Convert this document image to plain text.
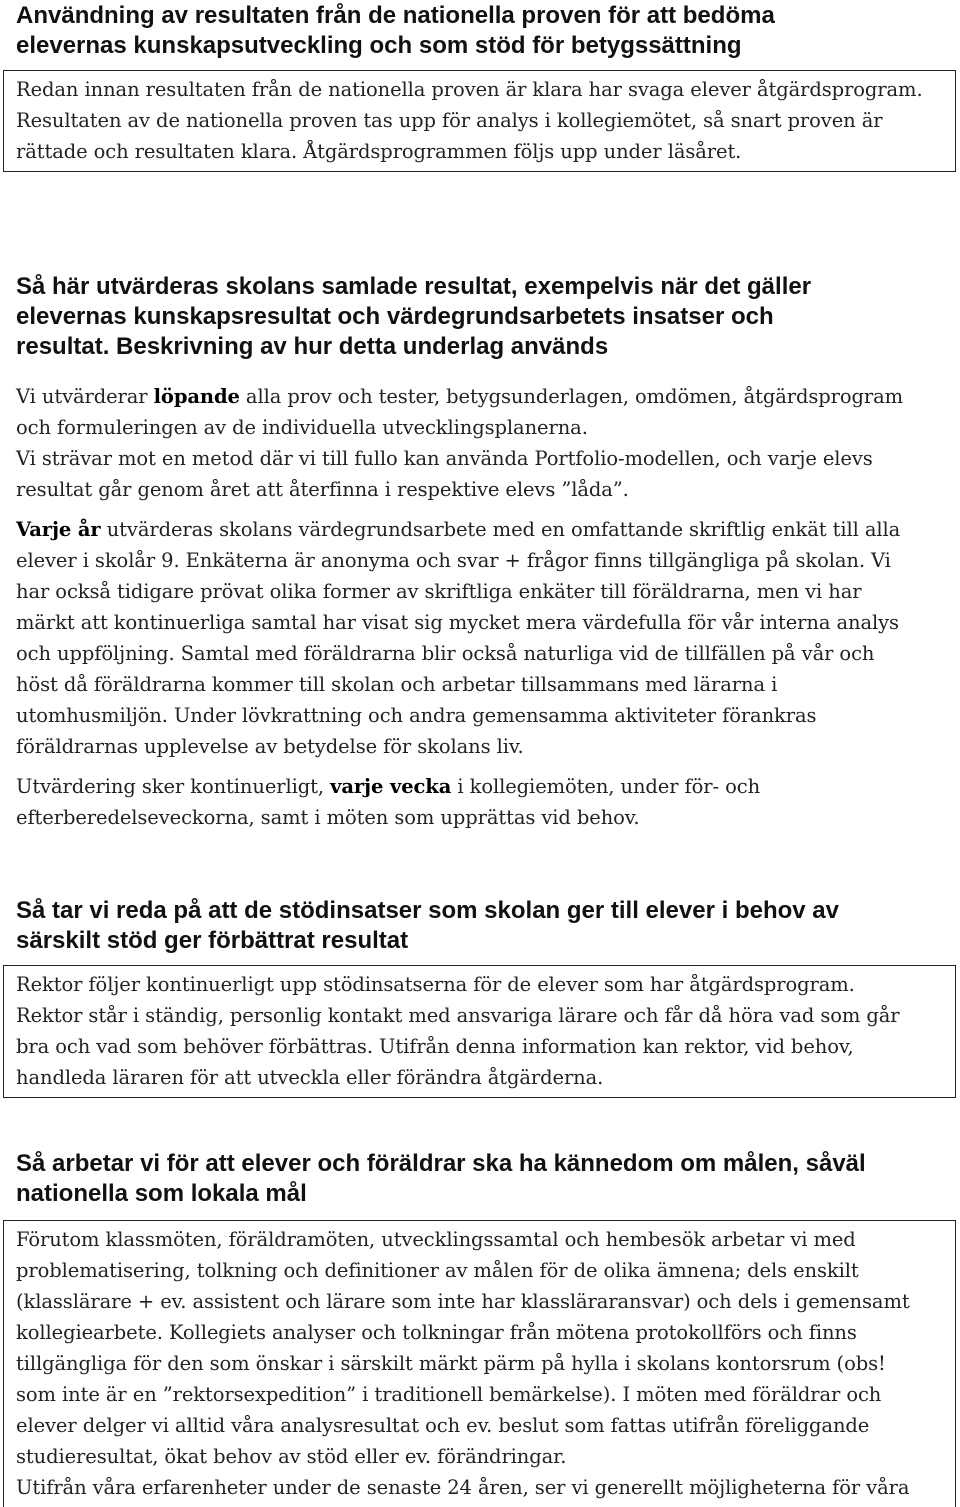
Användning av resultaten från de nationella proven för att bedöma
elevernas kunskapsutveckling och som stöd för betygssättning

Redan innan resultaten från de nationella proven är klara har svaga elever åtgärdsprogram.
Resultaten av de nationella proven tas upp för analys i kollegiemötet, så snart proven är
rättade och resultaten klara. Åtgärdsprogrammen följs upp under läsåret.

Så här utvärderas skolans samlade resultat, exempelvis när det gäller
elevernas kunskapsresultat och värdegrundsarbetets insatser och
resultat. Beskrivning av hur detta underlag används

Vi utvärderar löpande alla prov och tester, betygsunderlagen, omdömen, åtgärdsprogram
och formuleringen av de individuella utvecklingsplanerna.

Vi strävar mot en metod där vi till fullo kan använda Portfolio-modellen, och varje elevs
resultat går genom året att återfinna i respektive elevs ”låda”.

Varje år utvärderas skolans värdegrundsarbete med en omfattande skriftlig enkät till alla
elever i skolår 9. Enkäterna är anonyma och svar + frågor finns tillgängliga på skolan. Vi
har också tidigare prövat olika former av skriftliga enkäter till föräldrarna, men vi har
märkt att kontinuerliga samtal har visat sig mycket mera värdefulla för vår interna analys
och uppföljning. Samtal med föräldrarna blir också naturliga vid de tillfällen på vår och
höst då föräldrarna kommer till skolan och arbetar tillsammans med lärarna i
utomhusmiljön. Under lövkrattning och andra gemensamma aktiviteter förankras
föräldrarnas upplevelse av betydelse för skolans liv.

Utvärdering sker kontinuerligt, varje vecka i kollegiemöten, under för- och
efterberedelseveckorna, samt i möten som upprättas vid behov.

Så tar vi reda på att de stödinsatser som skolan ger till elever i behov av
särskilt stöd ger förbättrat resultat

Rektor följer kontinuerligt upp stödinsatserna för de elever som har åtgärdsprogram.
Rektor står i ständig, personlig kontakt med ansvariga lärare och får då höra vad som går
bra och vad som behöver förbättras. Utifrån denna information kan rektor, vid behov,
handleda läraren för att utveckla eller förändra åtgärderna.

Så arbetar vi för att elever och föräldrar ska ha kännedom om målen, såväl
nationella som lokala mål

Förutom klassmöten, föräldramöten, utvecklingssamtal och hembesök arbetar vi med
problematisering, tolkning och definitioner av målen för de olika ämnena; dels enskilt
(klasslärare + ev. assistent och lärare som inte har klassläraransvar) och dels i gemensamt
kollegiearbete. Kollegiets analyser och tolkningar från mötena protokollförs och finns
tillgängliga för den som önskar i särskilt märkt pärm på hylla i skolans kontorsrum (obs!
som inte är en ”rektorsexpedition” i traditionell bemärkelse). I möten med föräldrar och
elever delger vi alltid våra analysresultat och ev. beslut som fattas utifrån föreliggande
studieresultat, ökat behov av stöd eller ev. förändringar.
Utifrån våra erfarenheter under de senaste 24 åren, ser vi generellt möjligheterna för våra
